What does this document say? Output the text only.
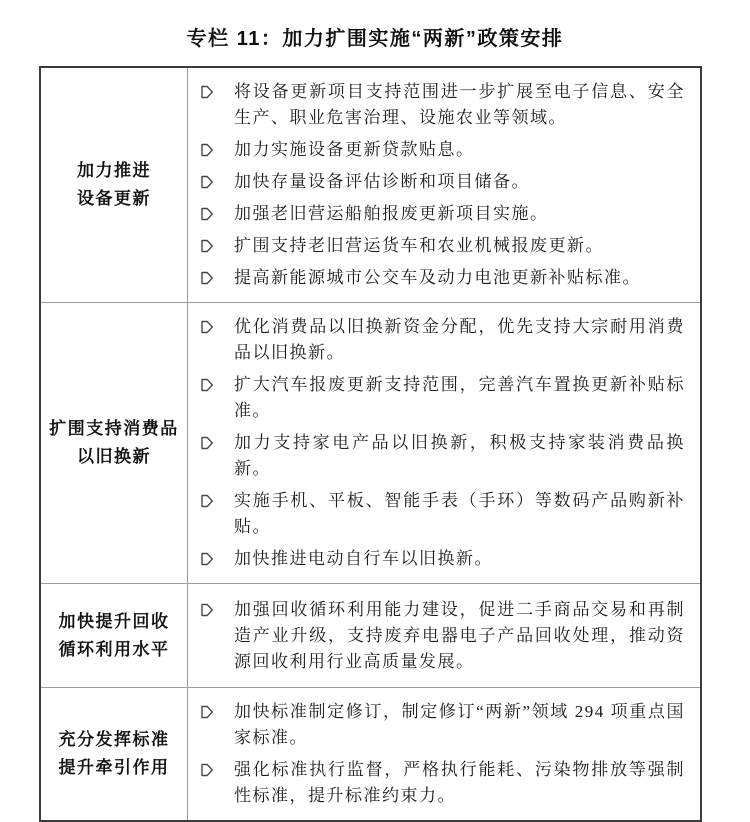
专栏 11：加力扩围实施“两新”政策安排
加力推进
设备更新
将设备更新项目支持范围进一步扩展至电子信息、安全生产、职业危害治理、设施农业等领域。
加力实施设备更新贷款贴息。
加快存量设备评估诊断和项目储备。
加强老旧营运船舶报废更新项目实施。
扩围支持老旧营运货车和农业机械报废更新。
提高新能源城市公交车及动力电池更新补贴标准。
扩围支持消费品
以旧换新
优化消费品以旧换新资金分配，优先支持大宗耐用消费品以旧换新。
扩大汽车报废更新支持范围，完善汽车置换更新补贴标准。
加力支持家电产品以旧换新，积极支持家装消费品换新。
实施手机、平板、智能手表（手环）等数码产品购新补贴。
加快推进电动自行车以旧换新。
加快提升回收
循环利用水平
加强回收循环利用能力建设，促进二手商品交易和再制造产业升级，支持废弃电器电子产品回收处理，推动资源回收利用行业高质量发展。
充分发挥标准
提升牵引作用
加快标准制定修订，制定修订“两新”领域 294 项重点国家标准。
强化标准执行监督，严格执行能耗、污染物排放等强制性标准，提升标准约束力。
